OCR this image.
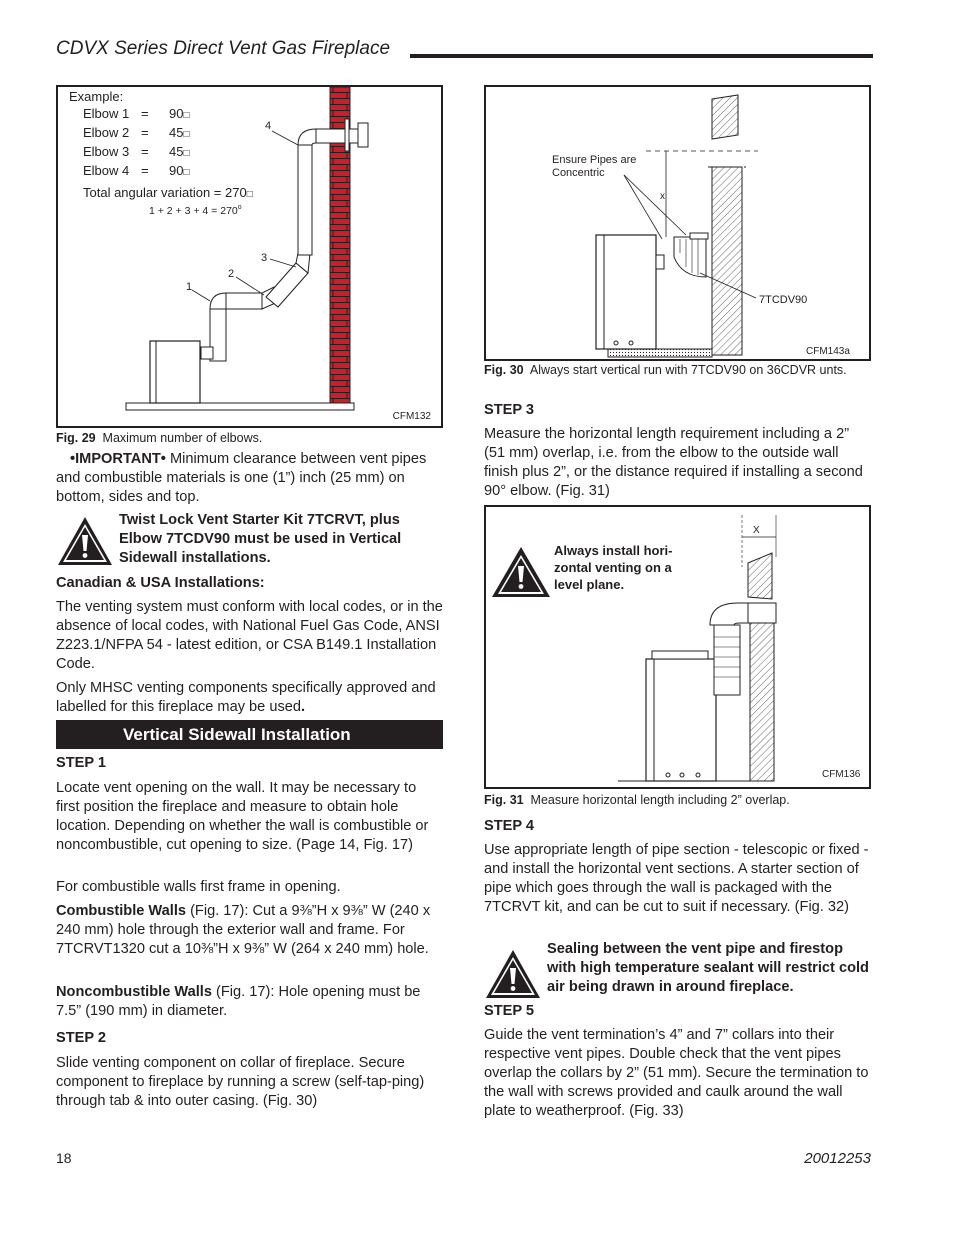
CDVX Series Direct Vent Gas Fireplace
1
2
3
4
$1 + 2 + 3 + 4 = 270^o$
Example:
Elbow 1 = 90□
Elbow 2 = 45□
Elbow 3 = 45□
Elbow 4 = 90□
Total angular variation = 270□
CFM132
Fig. 29 Maximum number of elbows.

•IMPORTANT• Minimum clearance between vent pipes and combustible materials is one (1”) inch (25 mm) on bottom, sides and top.

Twist Lock Vent Starter Kit 7TCRVT, plus Elbow 7TCDV90 must be used in Vertical Sidewall installations.

Canadian & USA Installations:

The venting system must conform with local codes, or in the absence of local codes, with National Fuel Gas Code, ANSI Z223.1/NFPA 54 - latest edition, or CSA B149.1 Installation Code.

Only MHSC venting components specifically approved and labelled for this fireplace may be used.

Vertical Sidewall Installation

STEP 1

Locate vent opening on the wall. It may be necessary to first position the fireplace and measure to obtain hole location. Depending on whether the wall is combustible or noncombustible, cut opening to size. (Page 14, Fig. 17)

For combustible walls first frame in opening.

Combustible Walls (Fig. 17): Cut a 9⅜”H x 9⅜” W (240 x 240 mm) hole through the exterior wall and frame. For 7TCRVT1320 cut a 10⅜”H x 9⅜” W (264 x 240 mm) hole.

Noncombustible Walls (Fig. 17): Hole opening must be 7.5” (190 mm) in diameter.

STEP 2

Slide venting component on collar of fireplace. Secure component to fireplace by running a screw (self-tap-ping) through tab & into outer casing. (Fig. 30)

x
Ensure Pipes are
Concentric
7TCDV90
CFM143a
Fig. 30 Always start vertical run with 7TCDV90 on 36CDVR unts.

STEP 3

Measure the horizontal length requirement including a 2” (51 mm) overlap, i.e. from the elbow to the outside wall finish plus 2”, or the distance required if installing a second 90° elbow. (Fig. 31)

X
CFM136
Always install hori-
zontal venting on a
level plane.
Fig. 31 Measure horizontal length including 2” overlap.

STEP 4

Use appropriate length of pipe section - telescopic or fixed - and install the horizontal vent sections. A starter section of pipe which goes through the wall is packaged with the 7TCRVT kit, and can be cut to suit if necessary. (Fig. 32)

Sealing between the vent pipe and firestop with high temperature sealant will restrict cold air being drawn in around fireplace.

STEP 5

Guide the vent termination’s 4” and 7” collars into their respective vent pipes. Double check that the vent pipes overlap the collars by 2” (51 mm). Secure the termination to the wall with screws provided and caulk around the wall plate to weatherproof. (Fig. 33)

18	20012253
